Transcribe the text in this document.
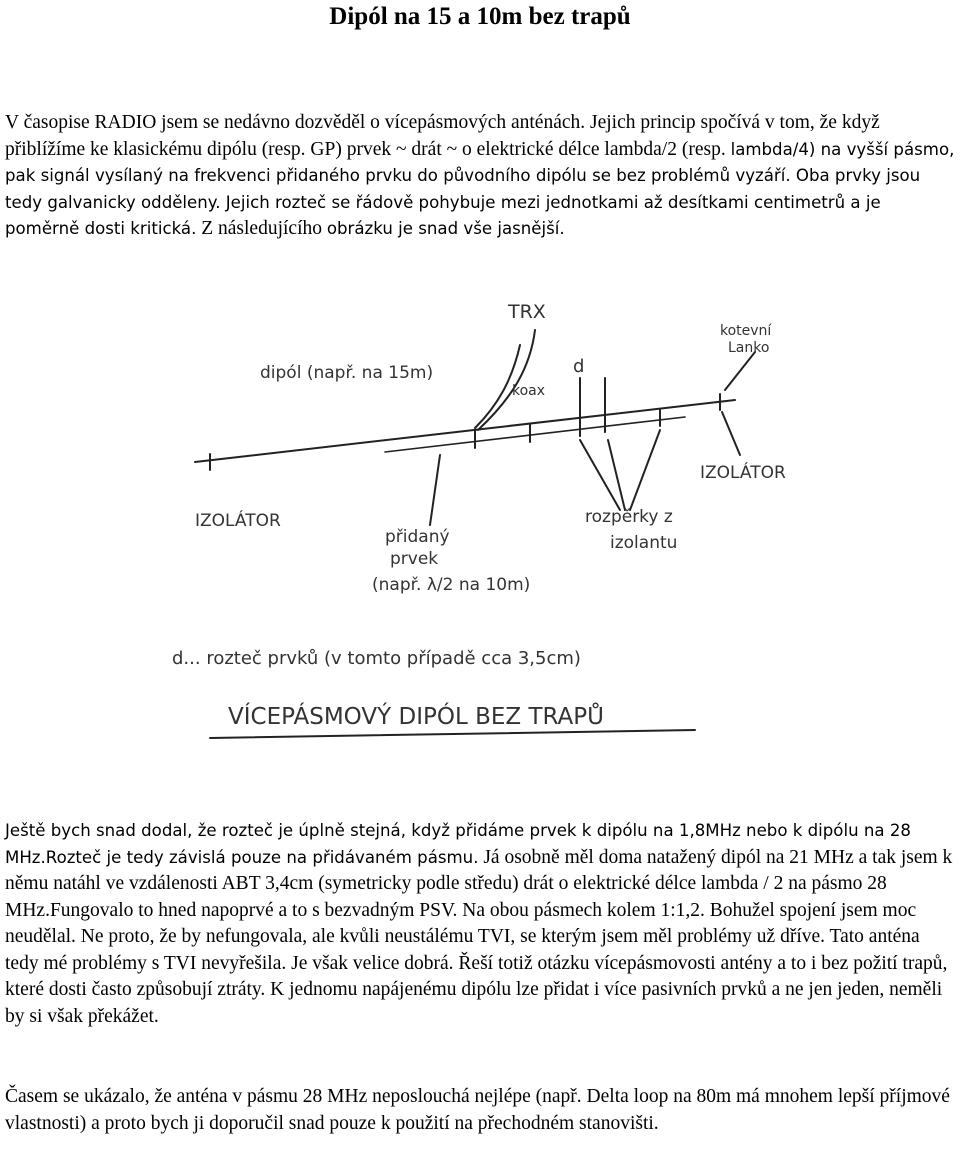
Dipól na 15 a 10m bez trapů

V časopise RADIO jsem se nedávno dozvěděl o vícepásmových anténách. Jejich princip spočívá v tom, že když přiblížíme ke klasickému dipólu (resp. GP) prvek ~ drát ~ o elektrické délce lambda/2 (resp. lambda/4) na vyšší pásmo, pak signál vysílaný na frekvenci přidaného prvku do původního dipólu se bez problémů vyzáří. Oba prvky jsou tedy galvanicky odděleny. Jejich rozteč se řádově pohybuje mezi jednotkami až desítkami centimetrů a je poměrně dosti kritická. Z následujícího obrázku je snad vše jasnější.

TRX
dipól (např. na 15m)
koax
d
kotevní
Lanko
IZOLÁTOR
IZOLÁTOR	rozpěrky z
izolantu
přidaný
prvek
(např. λ/2 na 10m)
d... rozteč prvků (v tomto případě cca 3,5cm)
VÍCEPÁSMOVÝ DIPÓL BEZ TRAPŮ

Ještě bych snad dodal, že rozteč je úplně stejná, když přidáme prvek k dipólu na 1,8MHz nebo k dipólu na 28 MHz.Rozteč je tedy závislá pouze na přidávaném pásmu. Já osobně měl doma natažený dipól na 21 MHz a tak jsem k němu natáhl ve vzdálenosti ABT 3,4cm (symetricky podle středu) drát o elektrické délce lambda / 2 na pásmo 28 MHz.Fungovalo to hned napoprvé a to s bezvadným PSV. Na obou pásmech kolem 1:1,2. Bohužel spojení jsem moc neudělal. Ne proto, že by nefungovala, ale kvůli neustálému TVI, se kterým jsem měl problémy už dříve. Tato anténa tedy mé problémy s TVI nevyřešila. Je však velice dobrá. Řeší totiž otázku vícepásmovosti antény a to i bez požití trapů, které dosti často způsobují ztráty. K jednomu napájenému dipólu lze přidat i více pasivních prvků a ne jen jeden, neměli by si však překážet.

Časem se ukázalo, že anténa v pásmu 28 MHz neposlouchá nejlépe (např. Delta loop na 80m má mnohem lepší příjmové vlastnosti) a proto bych ji doporučil snad pouze k použití na přechodném stanovišti.
